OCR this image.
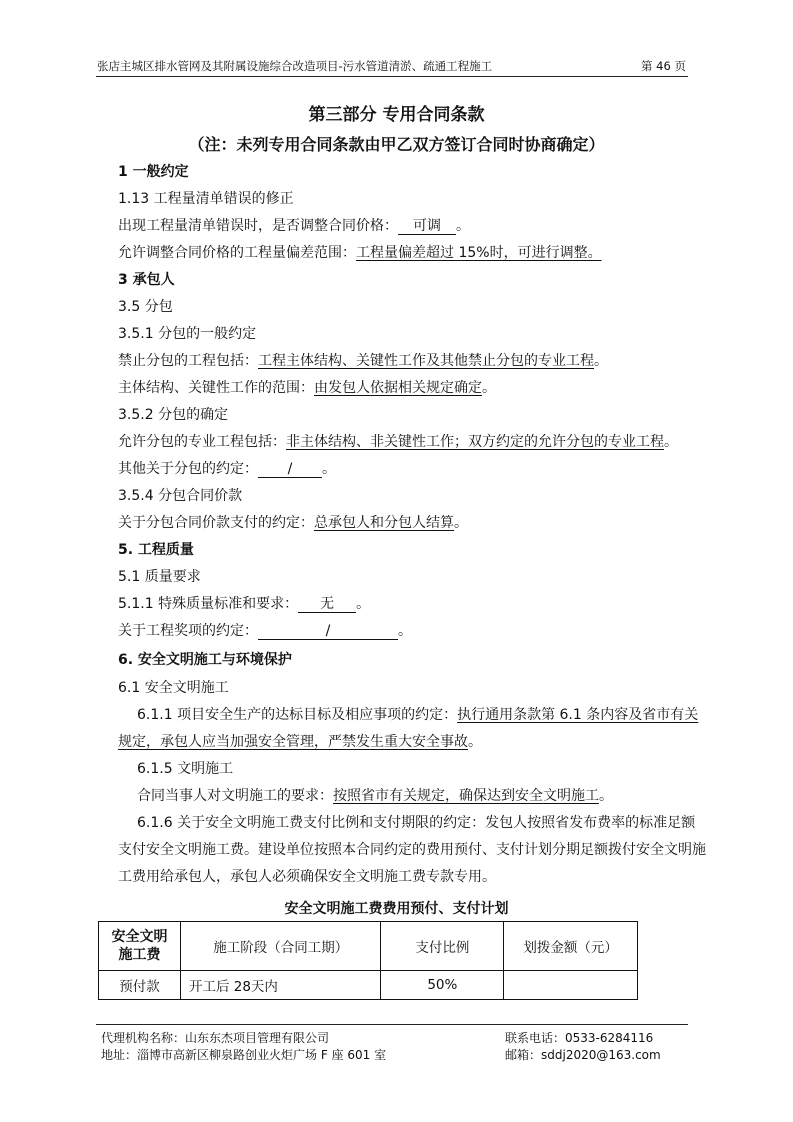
张店主城区排水管网及其附属设施综合改造项目-污水管道清淤、疏通工程施工	第 46 页
第三部分 专用合同条款
（注：未列专用合同条款由甲乙双方签订合同时协商确定）
1 一般约定
1.13 工程量清单错误的修正
出现工程量清单错误时，是否调整合同价格： 可调 。
允许调整合同价格的工程量偏差范围：工程量偏差超过 15%时，可进行调整。
3 承包人
3.5 分包
3.5.1 分包的一般约定
禁止分包的工程包括：工程主体结构、关键性工作及其他禁止分包的专业工程。
主体结构、关键性工作的范围：由发包人依据相关规定确定。
3.5.2 分包的确定
允许分包的专业工程包括：非主体结构、非关键性工作；双方约定的允许分包的专业工程。
其他关于分包的约定： / 。
3.5.4 分包合同价款
关于分包合同价款支付的约定：总承包人和分包人结算。
5. 工程质量
5.1 质量要求
5.1.1 特殊质量标准和要求： 无 。
关于工程奖项的约定：	/	。
6. 安全文明施工与环境保护
6.1 安全文明施工
6.1.1 项目安全生产的达标目标及相应事项的约定：执行通用条款第 6.1 条内容及省市有关
规定，承包人应当加强安全管理，严禁发生重大安全事故。
6.1.5 文明施工
合同当事人对文明施工的要求：按照省市有关规定，确保达到安全文明施工。
6.1.6 关于安全文明施工费支付比例和支付期限的约定：发包人按照省发布费率的标准足额
支付安全文明施工费。建设单位按照本合同约定的费用预付、支付计划分期足额拨付安全文明施
工费用给承包人，承包人必须确保安全文明施工费专款专用。
安全文明施工费费用预付、支付计划
安全文明施工费	施工阶段（合同工期）	支付比例	划拨金额（元）
预付款	开工后 28天内	50%	
代理机构名称：山东东杰项目管理有限公司
地址：淄博市高新区柳泉路创业火炬广场 F 座 601 室
联系电话：0533-6284116
邮箱：sddj2020@163.com
